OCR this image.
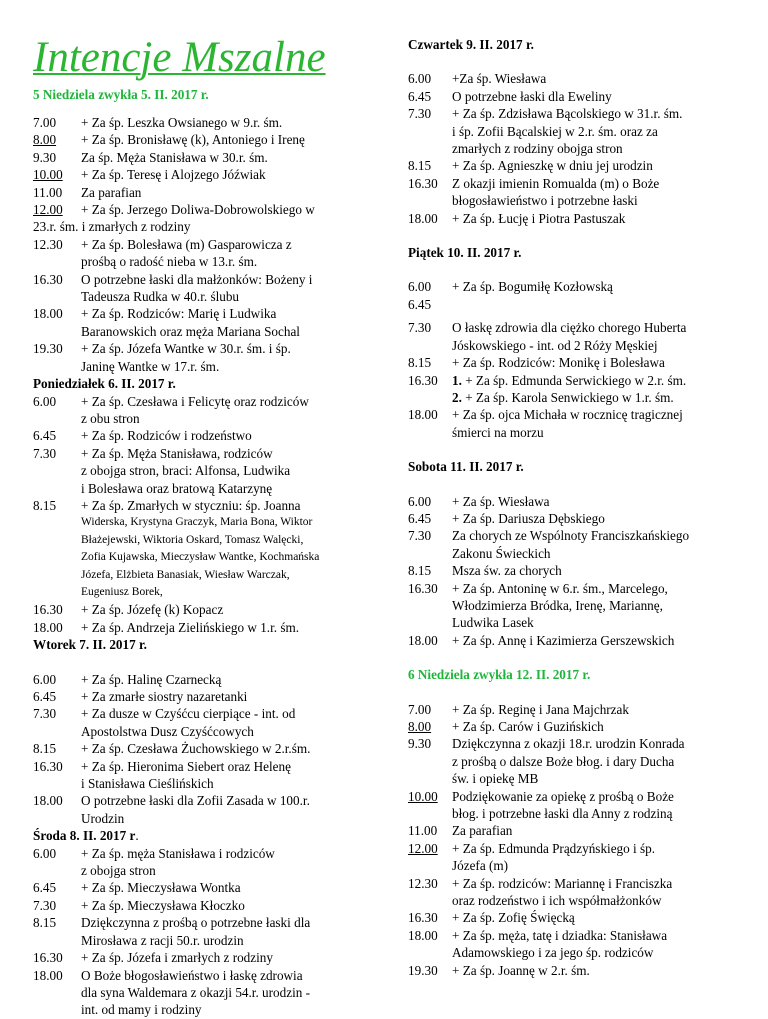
Intencje Mszalne
5 Niedziela zwykła 5. II. 2017 r.
7.00	+ Za śp. Leszka Owsianego w 9.r. śm.
8.00	+ Za śp. Bronisławę (k), Antoniego i Irenę
9.30	Za śp. Męża Stanisława w 30.r. śm.
10.00	+ Za śp. Teresę i Alojzego Jóźwiak
11.00	Za parafian
12.00	+ Za śp. Jerzego Doliwa-Dobrowolskiego w
23.r. śm. i zmarłych z rodziny
12.30	+ Za śp. Bolesława (m) Gasparowicza z
prośbą o radość nieba w 13.r. śm.
16.30	O potrzebne łaski dla małżonków: Bożeny i
Tadeusza Rudka w 40.r. ślubu
18.00	+ Za śp. Rodziców: Marię i Ludwika
Baranowskich oraz męża Mariana Sochal
19.30	+ Za śp. Józefa Wantke w 30.r. śm. i śp.
Janinę Wantke w 17.r. śm.
Poniedziałek 6. II. 2017 r.
6.00	+ Za śp. Czesława i Felicytę oraz rodziców
z obu stron
6.45	+ Za śp. Rodziców i rodzeństwo
7.30	+ Za śp. Męża Stanisława, rodziców
z obojga stron, braci: Alfonsa, Ludwika
i Bolesława oraz bratową Katarzynę
8.15	+ Za śp. Zmarłych w styczniu: śp. Joanna
Widerska, Krystyna Graczyk, Maria Bona, Wiktor
Błażejewski, Wiktoria Oskard, Tomasz Walęcki,
Zofia Kujawska, Mieczysław Wantke, Kochmańska
Józefa, Elżbieta Banasiak, Wiesław Warczak,
Eugeniusz Borek,
16.30	+ Za śp. Józefę (k) Kopacz
18.00	+ Za śp. Andrzeja Zielińskiego w 1.r. śm.
Wtorek 7. II. 2017 r.
6.00	+ Za śp. Halinę Czarnecką
6.45	+ Za zmarłe siostry nazaretanki
7.30	+ Za dusze w Czyśćcu cierpiące - int. od
Apostolstwa Dusz Czyśćcowych
8.15	+ Za śp. Czesława Żuchowskiego w 2.r.śm.
16.30	+ Za śp. Hieronima Siebert oraz Helenę
i Stanisława Cieślińskich
18.00	O potrzebne łaski dla Zofii Zasada w 100.r.
Urodzin
Środa 8. II. 2017 r.
6.00	+ Za śp. męża Stanisława i rodziców
z obojga stron
6.45	+ Za śp. Mieczysława Wontka
7.30	+ Za śp. Mieczysława Kłoczko
8.15	Dziękczynna z prośbą o potrzebne łaski dla
Mirosława z racji 50.r. urodzin
16.30	+ Za śp. Józefa i zmarłych z rodziny
18.00	O Boże błogosławieństwo i łaskę zdrowia
dla syna Waldemara z okazji 54.r. urodzin -
int. od mamy i rodziny
Czwartek 9. II. 2017 r.
6.00	+Za śp. Wiesława
6.45	O potrzebne łaski dla Eweliny
7.30	+ Za śp. Zdzisława Bącolskiego w 31.r. śm.
i śp. Zofii Bącalskiej w 2.r. śm. oraz za
zmarłych z rodziny obojga stron
8.15	+ Za śp. Agnieszkę w dniu jej urodzin
16.30	Z okazji imienin Romualda (m) o Boże
błogosławieństwo i potrzebne łaski
18.00	+ Za śp. Łucję i Piotra Pastuszak
Piątek 10. II. 2017 r.
6.00	+ Za śp. Bogumiłę Kozłowską
6.45
7.30	O łaskę zdrowia dla ciężko chorego Huberta
Jóskowskiego - int. od 2 Róży Męskiej
8.15	+ Za śp. Rodziców: Monikę i Bolesława
16.30	1. + Za śp. Edmunda Serwickiego w 2.r. śm.
2. + Za śp. Karola Senwickiego w 1.r. śm.
18.00	+ Za śp. ojca Michała w rocznicę tragicznej
śmierci na morzu
Sobota 11. II. 2017 r.
6.00	+ Za śp. Wiesława
6.45	+ Za śp. Dariusza Dębskiego
7.30	Za chorych ze Wspólnoty Franciszkańskiego
Zakonu Świeckich
8.15	Msza św. za chorych
16.30	+ Za śp. Antoninę w 6.r. śm., Marcelego,
Włodzimierza Bródka, Irenę, Mariannę,
Ludwika Lasek
18.00	+ Za śp. Annę i Kazimierza Gerszewskich
6 Niedziela zwykła 12. II. 2017 r.
7.00	+ Za śp. Reginę i Jana Majchrzak
8.00	+ Za śp. Carów i Guzińskich
9.30	Dziękczynna z okazji 18.r. urodzin Konrada
z prośbą o dalsze Boże błog. i dary Ducha
św. i opiekę MB
10.00	Podziękowanie za opiekę z prośbą o Boże
błog. i potrzebne łaski dla Anny z rodziną
11.00	Za parafian
12.00	+ Za śp. Edmunda Prądzyńskiego i śp.
Józefa (m)
12.30	+ Za śp. rodziców: Mariannę i Franciszka
oraz rodzeństwo i ich współmałżonków
16.30	+ Za śp. Zofię Święcką
18.00	+ Za śp. męża, tatę i dziadka: Stanisława
Adamowskiego i za jego śp. rodziców
19.30	+ Za śp. Joannę w 2.r. śm.
